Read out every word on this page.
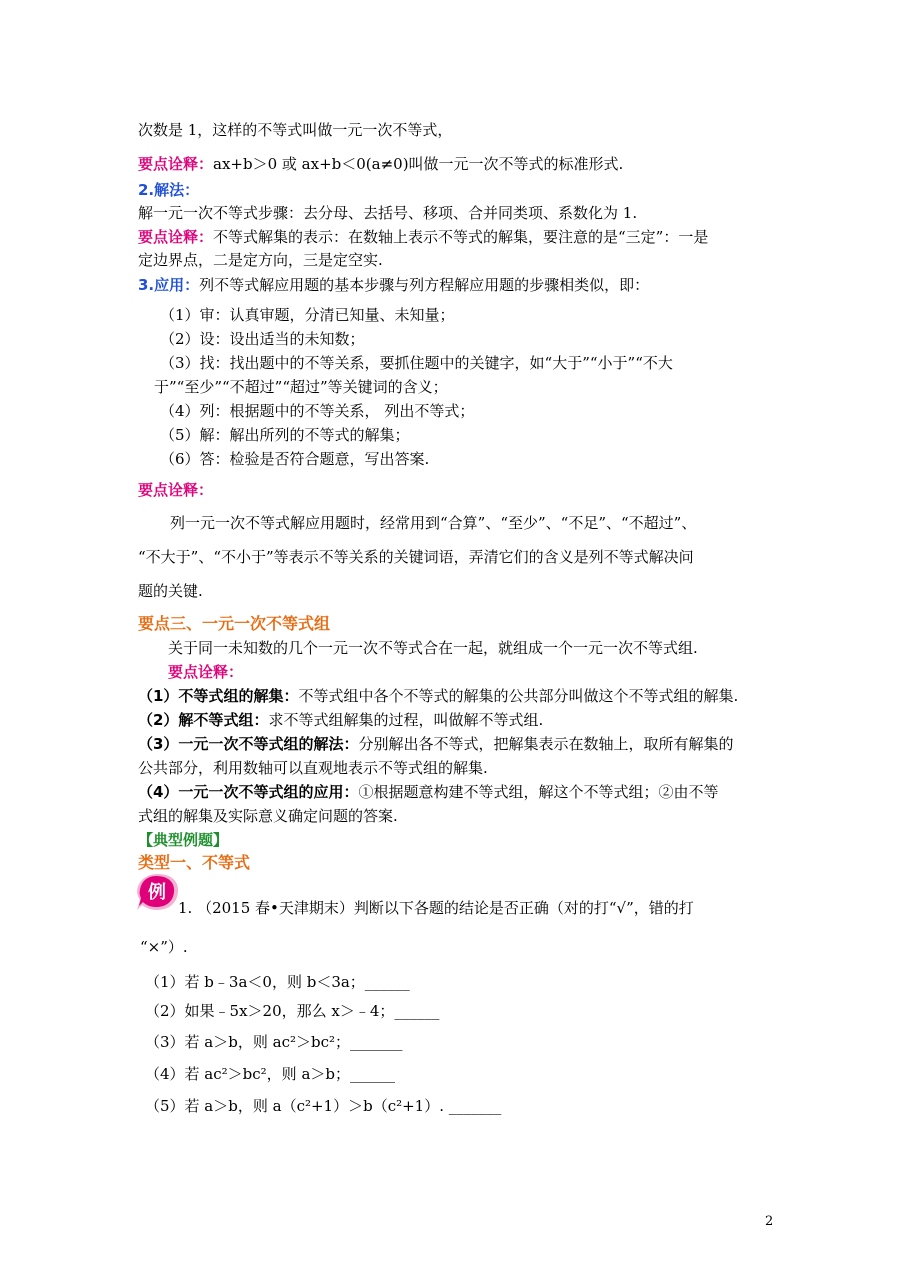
次数是 1，这样的不等式叫做一元一次不等式，
要点诠释：ax+b＞0 或 ax+b＜0(a≠0)叫做一元一次不等式的标准形式.
2.解法：
解一元一次不等式步骤：去分母、去括号、移项、合并同类项、系数化为 1.
要点诠释：不等式解集的表示：在数轴上表示不等式的解集，要注意的是“三定”：一是
定边界点，二是定方向，三是定空实.
3.应用：列不等式解应用题的基本步骤与列方程解应用题的步骤相类似，即：
（1）审：认真审题，分清已知量、未知量；
（2）设：设出适当的未知数；
（3）找：找出题中的不等关系，要抓住题中的关键字，如“大于”“小于”“不大
于”“至少”“不超过”“超过”等关键词的含义；
（4）列：根据题中的不等关系， 列出不等式；
（5）解：解出所列的不等式的解集；
（6）答：检验是否符合题意，写出答案.
要点诠释：
列一元一次不等式解应用题时，经常用到“合算”、“至少”、“不足”、“不超过”、
“不大于”、“不小于”等表示不等关系的关键词语，弄清它们的含义是列不等式解决问
题的关键.
要点三、一元一次不等式组
关于同一未知数的几个一元一次不等式合在一起，就组成一个一元一次不等式组.
要点诠释：
（1）不等式组的解集：不等式组中各个不等式的解集的公共部分叫做这个不等式组的解集.
（2）解不等式组：求不等式组解集的过程，叫做解不等式组.
（3）一元一次不等式组的解法：分别解出各不等式，把解集表示在数轴上，取所有解集的
公共部分，利用数轴可以直观地表示不等式组的解集.
（4）一元一次不等式组的应用：①根据题意构建不等式组，解这个不等式组；②由不等
式组的解集及实际意义确定问题的答案.
【典型例题】
类型一、不等式
例
1. （2015 春•天津期末）判断以下各题的结论是否正确（对的打“√”，错的打
“×”）.
（1）若 b﹣3a＜0，则 b＜3a；______
（2）如果﹣5x＞20，那么 x＞﹣4；______
（3）若 a＞b，则 ac²＞bc²；_______
（4）若 ac²＞bc²，则 a＞b；______
（5）若 a＞b，则 a（c²+1）＞b（c²+1）. _______
2
